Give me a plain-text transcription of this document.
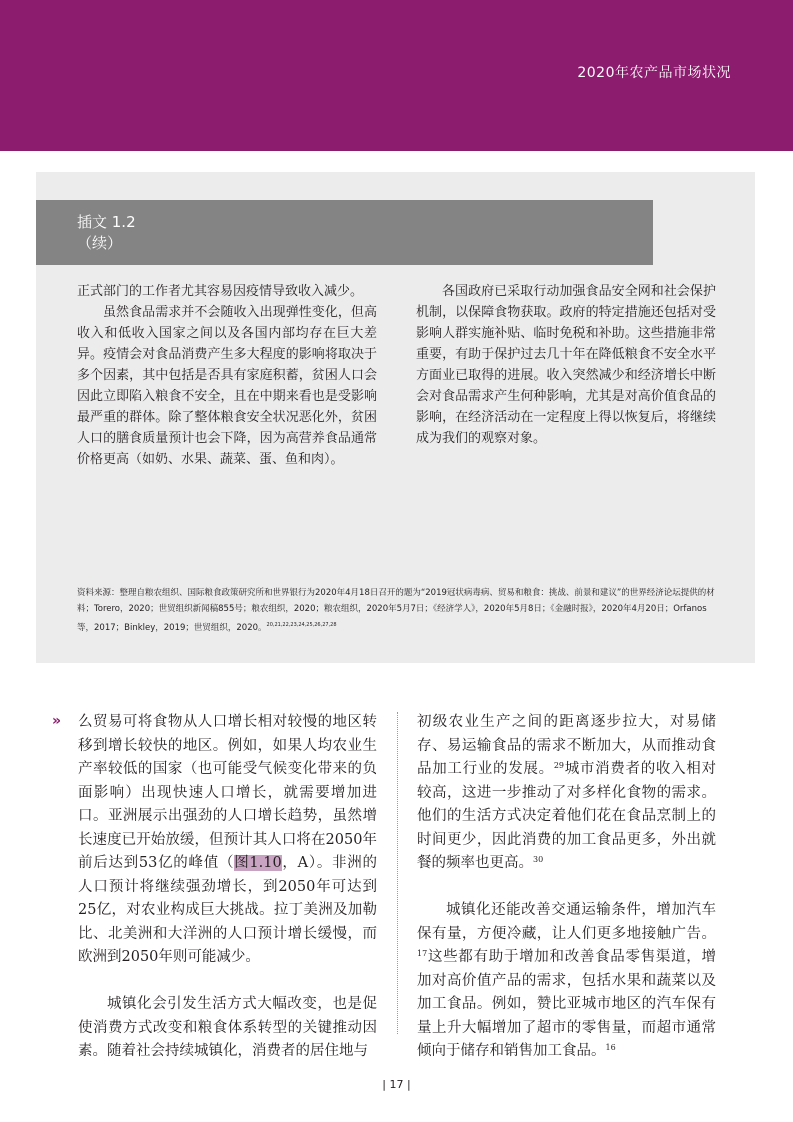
2020年农产品市场状况
插文 1.2
（续）

正式部门的工作者尤其容易因疫情导致收入减少。

虽然食品需求并不会随收入出现弹性变化，但高收入和低收入国家之间以及各国内部均存在巨大差异。疫情会对食品消费产生多大程度的影响将取决于多个因素，其中包括是否具有家庭积蓄，贫困人口会因此立即陷入粮食不安全，且在中期来看也是受影响最严重的群体。除了整体粮食安全状况恶化外，贫困人口的膳食质量预计也会下降，因为高营养食品通常价格更高（如奶、水果、蔬菜、蛋、鱼和肉）。

各国政府已采取行动加强食品安全网和社会保护机制，以保障食物获取。政府的特定措施还包括对受影响人群实施补贴、临时免税和补助。这些措施非常重要，有助于保护过去几十年在降低粮食不安全水平方面业已取得的进展。收入突然减少和经济增长中断会对食品需求产生何种影响，尤其是对高价值食品的影响，在经济活动在一定程度上得以恢复后，将继续成为我们的观察对象。

资料来源：整理自粮农组织、国际粮食政策研究所和世界银行为2020年4月18日召开的题为“2019冠状病毒病、贸易和粮食：挑战、前景和建议”的世界经济论坛提供的材料；Torero，2020；世贸组织新闻稿855号；粮农组织，2020；粮农组织，2020年5月7日；《经济学人》，2020年5月8日；《金融时报》，2020年4月20日；Orfanos等，2017；Binkley，2019；世贸组织，2020。$^{20,21,22,23,24,25,26,27,28}$
» 么贸易可将食物从人口增长相对较慢的地区转移到增长较快的地区。例如，如果人均农业生产率较低的国家（也可能受气候变化带来的负面影响）出现快速人口增长，就需要增加进口。亚洲展示出强劲的人口增长趋势，虽然增长速度已开始放缓，但预计其人口将在2050年前后达到53亿的峰值（图1.10，A）。非洲的人口预计将继续强劲增长，到2050年可达到25亿，对农业构成巨大挑战。拉丁美洲及加勒比、北美洲和大洋洲的人口预计增长缓慢，而欧洲到2050年则可能减少。

城镇化会引发生活方式大幅改变，也是促使消费方式改变和粮食体系转型的关键推动因素。随着社会持续城镇化，消费者的居住地与

初级农业生产之间的距离逐步拉大，对易储存、易运输食品的需求不断加大，从而推动食品加工行业的发展。$^{29}$城市消费者的收入相对较高，这进一步推动了对多样化食物的需求。他们的生活方式决定着他们花在食品烹制上的时间更少，因此消费的加工食品更多，外出就餐的频率也更高。$^{30}$

城镇化还能改善交通运输条件，增加汽车保有量，方便冷藏，让人们更多地接触广告。$^{17}$这些都有助于增加和改善食品零售渠道，增加对高价值产品的需求，包括水果和蔬菜以及加工食品。例如，赞比亚城市地区的汽车保有量上升大幅增加了超市的零售量，而超市通常倾向于储存和销售加工食品。$^{16}$

| 17 |
